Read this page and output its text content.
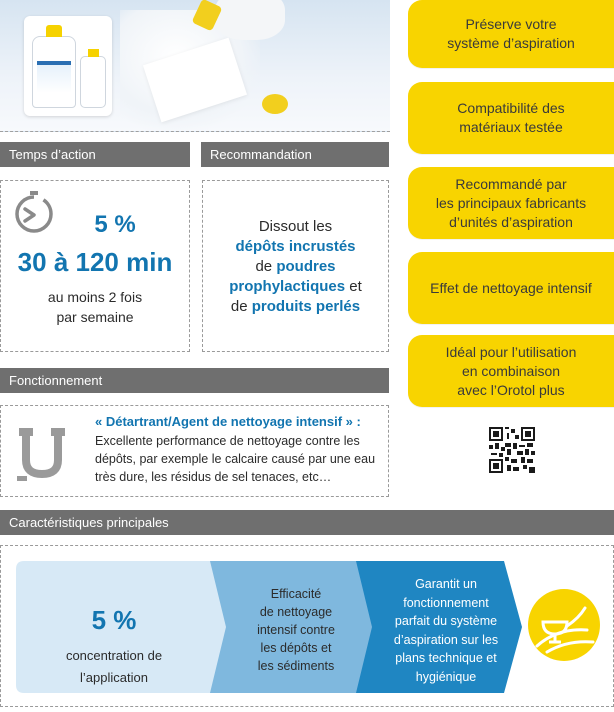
Temps d’action	Recommandation
Fonctionnement
Caractéristiques principales
5 %
30 à 120 min
au moins 2 fois
par semaine
Dissout les
dépôts incrustés
de poudres
prophylactiques et
de produits perlés
« Détartrant/Agent de nettoyage intensif » :
Excellente performance de nettoyage contre les dépôts, par exemple le calcaire causé par une eau très dure, les résidus de sel tenaces, etc…
Préserve votre
système d’aspiration
Compatibilité des
matériaux testée
Recommandé par
les principaux fabricants
d’unités d’aspiration
Effet de nettoyage intensif
Idéal pour l’utilisation
en combinaison
avec l’Orotol plus
5 %
concentration de
l’application
Efficacité
de nettoyage
intensif contre
les dépôts et
les sédiments
Garantit un
fonctionnement
parfait du système
d’aspiration sur les
plans technique et
hygiénique
